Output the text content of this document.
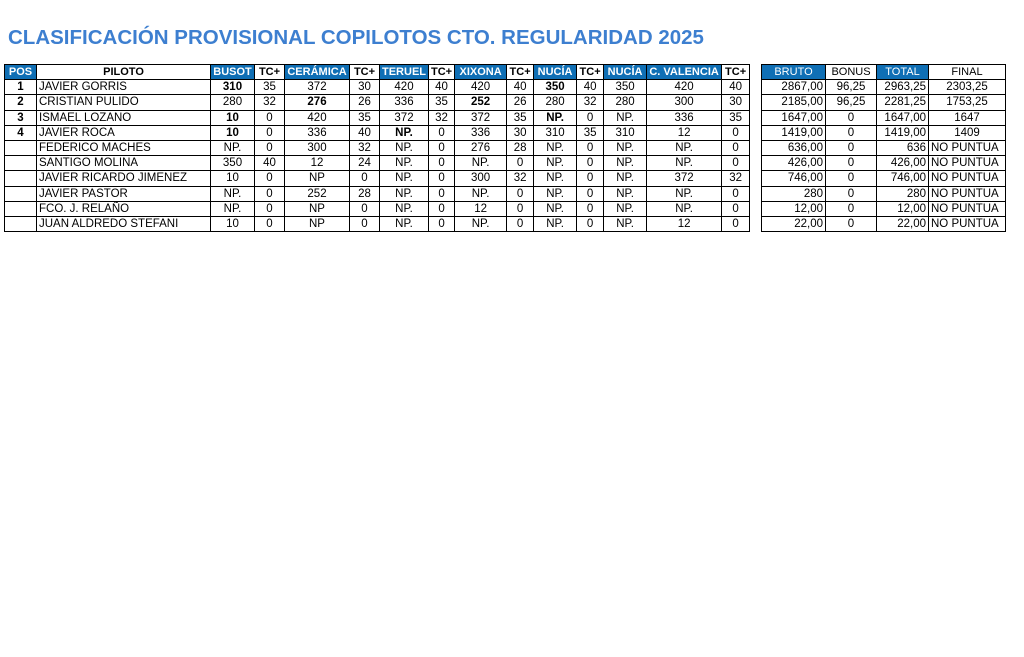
CLASIFICACIÓN PROVISIONAL COPILOTOS CTO. REGULARIDAD 2025
POS	PILOTO	BUSOT	TC+	CERÁMICA	TC+	TERUEL	TC+	XIXONA	TC+	NUCÍA	TC+	NUCÍA	C. VALENCIA	TC+
1	JAVIER GORRIS	310	35	372	30	420	40	420	40	350	40	350	420	40
2	CRISTIAN PULIDO	280	32	276	26	336	35	252	26	280	32	280	300	30
3	ISMAEL LOZANO	10	0	420	35	372	32	372	35	NP.	0	NP.	336	35
4	JAVIER ROCA	10	0	336	40	NP.	0	336	30	310	35	310	12	0
	FEDERICO MACHES	NP.	0	300	32	NP.	0	276	28	NP.	0	NP.	NP.	0
	SANTIGO MOLINA	350	40	12	24	NP.	0	NP.	0	NP.	0	NP.	NP.	0
	JAVIER RICARDO JIMENEZ	10	0	NP	0	NP.	0	300	32	NP.	0	NP.	372	32
	JAVIER PASTOR	NP.	0	252	28	NP.	0	NP.	0	NP.	0	NP.	NP.	0
	FCO. J. RELAÑO	NP.	0	NP	0	NP.	0	12	0	NP.	0	NP.	NP.	0
	JUAN ALDREDO STEFANI	10	0	NP	0	NP.	0	NP.	0	NP.	0	NP.	12	0
BRUTO	BONUS	TOTAL	FINAL
2867,00	96,25	2963,25	2303,25
2185,00	96,25	2281,25	1753,25
1647,00	0	1647,00	1647
1419,00	0	1419,00	1409
636,00	0	636	NO PUNTUA
426,00	0	426,00	NO PUNTUA
746,00	0	746,00	NO PUNTUA
280	0	280	NO PUNTUA
12,00	0	12,00	NO PUNTUA
22,00	0	22,00	NO PUNTUA
